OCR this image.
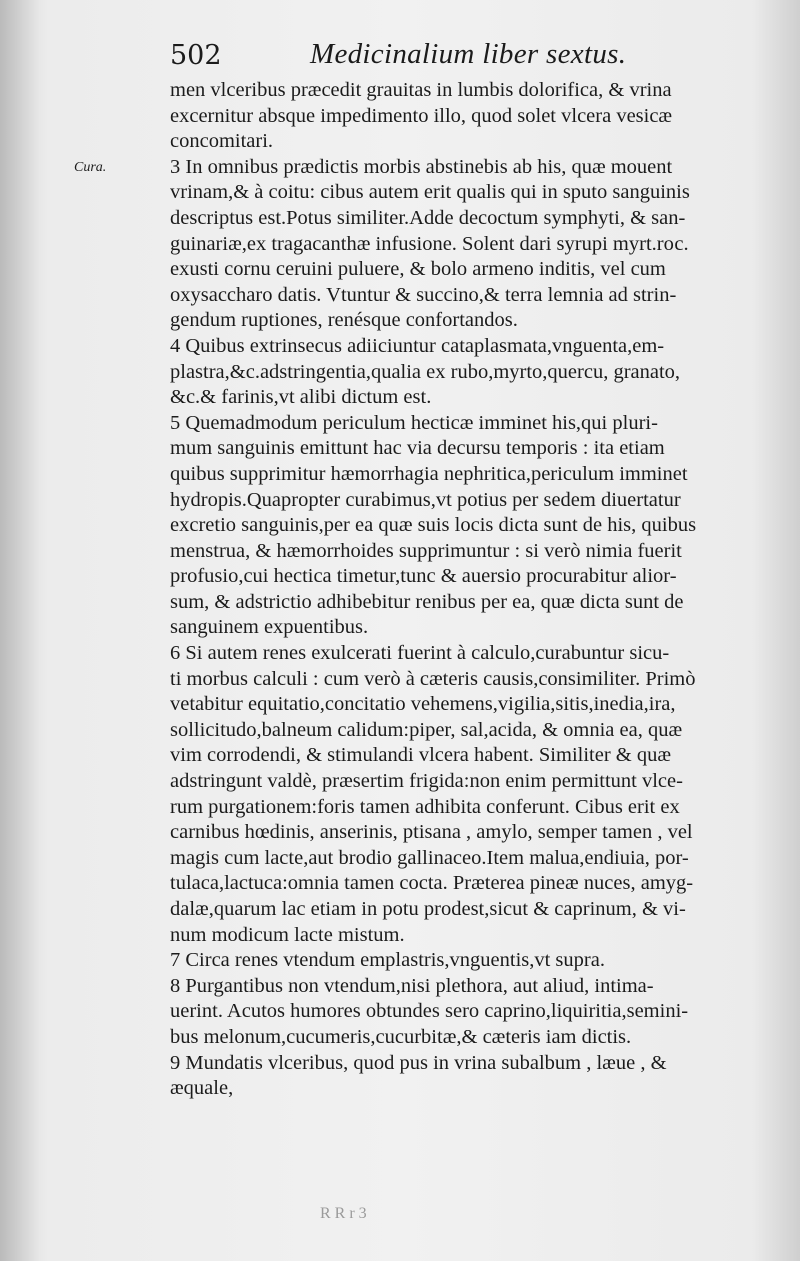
502	Medicinalium liber sextus.
Cura.
men vlceribus præcedit grauitas in lumbis dolorifica, & vrina
excernitur absque impedimento illo, quod solet vlcera vesicæ
concomitari.
3 In omnibus prædictis morbis abstinebis ab his, quæ mouent
vrinam,& à coitu: cibus autem erit qualis qui in sputo sanguinis
descriptus est.Potus similiter.Adde decoctum symphyti, & san-
guinariæ,ex tragacanthæ infusione. Solent dari syrupi myrt.rос.
exusti cornu ceruini puluere, & bolo armeno inditis, vel cum
oxysaccharo datis. Vtuntur & succino,& terra lemnia ad strin-
gendum ruptiones, renésque confortandos.
4 Quibus extrinsecus adiiciuntur cataplasmata,vnguenta,em-
plastra,&c.adstringentia,qualia ex rubo,myrto,quercu, granato,
&c.& farinis,vt alibi dictum est.
5 Quemadmodum periculum hecticæ imminet his,qui pluri-
mum sanguinis emittunt hac via decursu temporis : ita etiam
quibus supprimitur hæmorrhagia nephritica,periculum imminet
hydropis.Quapropter curabimus,vt potius per sedem diuertatur
excretio sanguinis,per ea quæ suis locis dicta sunt de his, quibus
menstrua, & hæmorrhoides supprimuntur : si verò nimia fuerit
profusio,cui hectica timetur,tunc & auersio procurabitur alior-
sum, & adstrictio adhibebitur renibus per ea, quæ dicta sunt de
sanguinem expuentibus.
6 Si autem renes exulcerati fuerint à calculo,curabuntur sicu-
ti morbus calculi : cum verò à cæteris causis,consimiliter. Primò
vetabitur equitatio,concitatio vehemens,vigilia,sitis,inedia,ira,
sollicitudo,balneum calidum:piper, sal,acida, & omnia ea, quæ
vim corrodendi, & stimulandi vlcera habent. Similiter & quæ
adstringunt valdè, præsertim frigida:non enim permittunt vlce-
rum purgationem:foris tamen adhibita conferunt. Cibus erit ex
carnibus hœdinis, anserinis, ptisana , amylo, semper tamen , vel
magis cum lacte,aut brodio gallinaceo.Item malua,endiuia, por-
tulaca,lactuca:omnia tamen cocta. Præterea pineæ nuces, amyg-
dalæ,quarum lac etiam in potu prodest,sicut & caprinum, & vi-
num modicum lacte mistum.
7 Circa renes vtendum emplastris,vnguentis,vt supra.
8 Purgantibus non vtendum,nisi plethora, aut aliud, intima-
uerint. Acutos humores obtundes sero caprino,liquiritia,semini-
bus melonum,cucumeris,cucurbitæ,& cæteris iam dictis.
9 Mundatis vlceribus, quod pus in vrina subalbum , læue , &
æquale,
R R r 3
